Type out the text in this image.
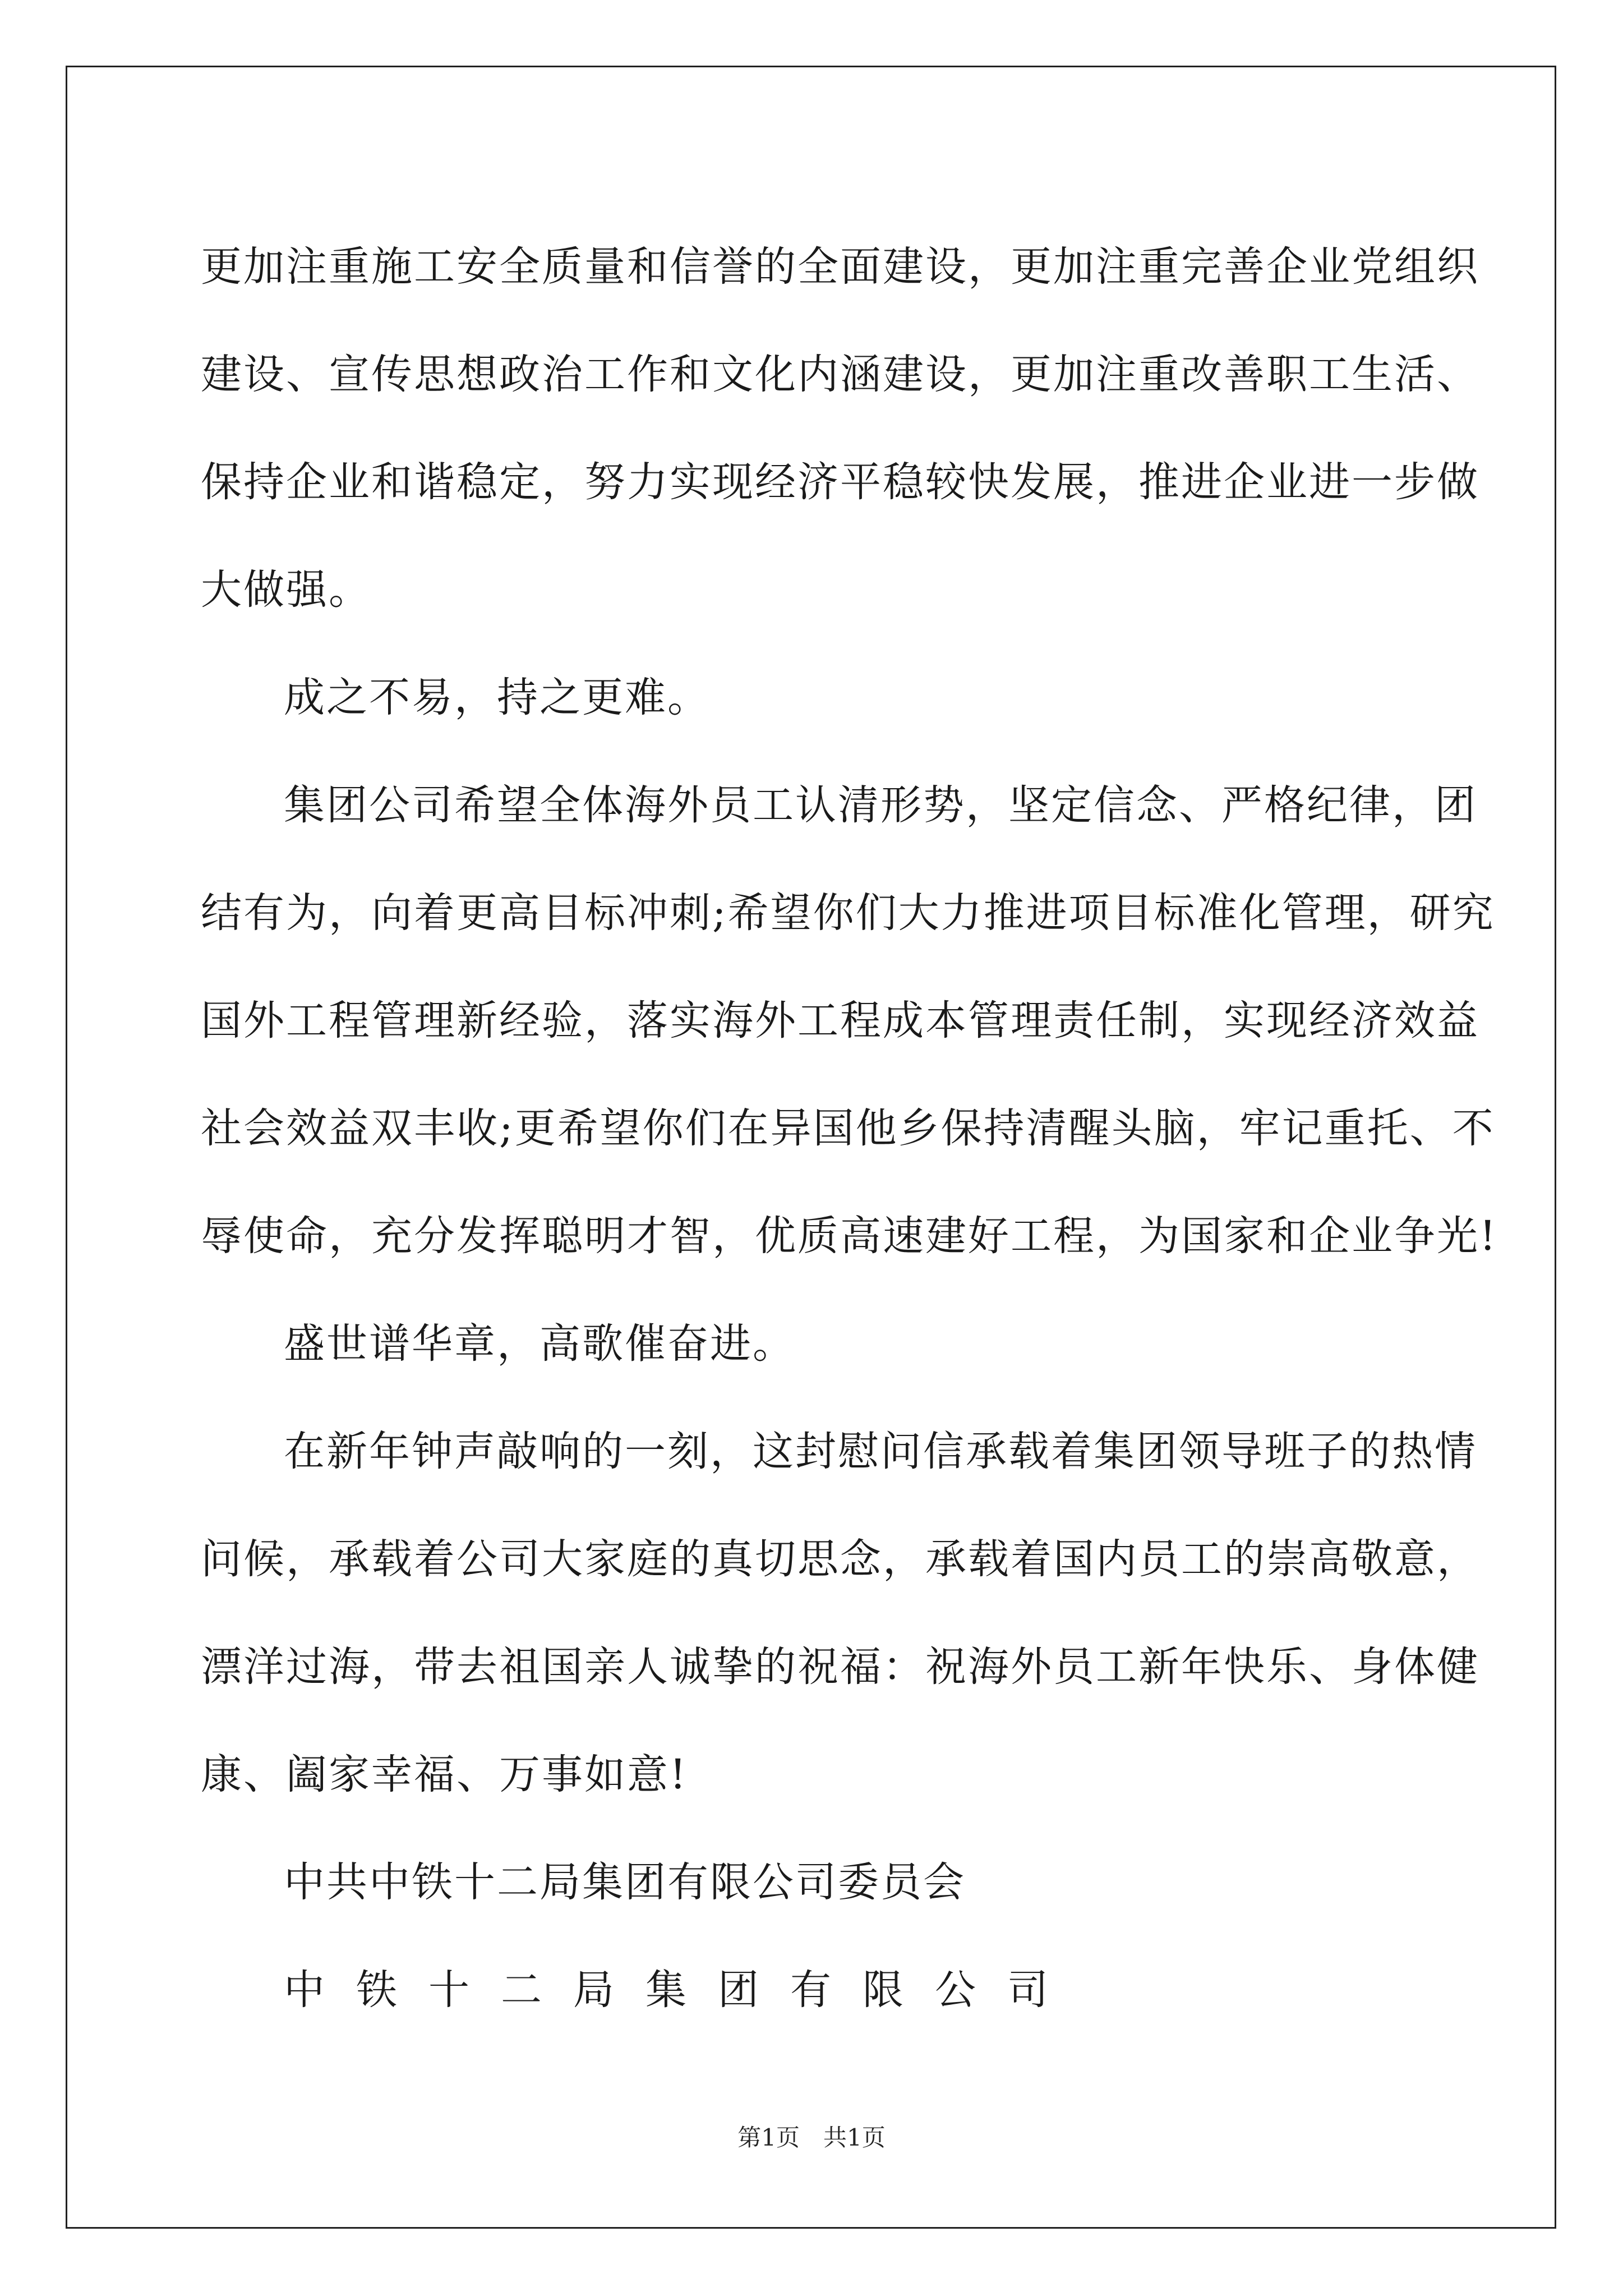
更加注重施工安全质量和信誉的全面建设，更加注重完善企业党组织
建设、宣传思想政治工作和文化内涵建设，更加注重改善职工生活、
保持企业和谐稳定，努力实现经济平稳较快发展，推进企业进一步做
大做强。
成之不易，持之更难。
集团公司希望全体海外员工认清形势，坚定信念、严格纪律，团
结有为，向着更高目标冲刺;希望你们大力推进项目标准化管理，研究
国外工程管理新经验，落实海外工程成本管理责任制，实现经济效益
社会效益双丰收;更希望你们在异国他乡保持清醒头脑，牢记重托、不
辱使命，充分发挥聪明才智，优质高速建好工程，为国家和企业争光!
盛世谱华章，高歌催奋进。
在新年钟声敲响的一刻，这封慰问信承载着集团领导班子的热情
问候，承载着公司大家庭的真切思念，承载着国内员工的崇高敬意，
漂洋过海，带去祖国亲人诚挚的祝福：祝海外员工新年快乐、身体健
康、阖家幸福、万事如意!
中共中铁十二局集团有限公司委员会
中铁十二局集团有限公司
第1页 共1页
